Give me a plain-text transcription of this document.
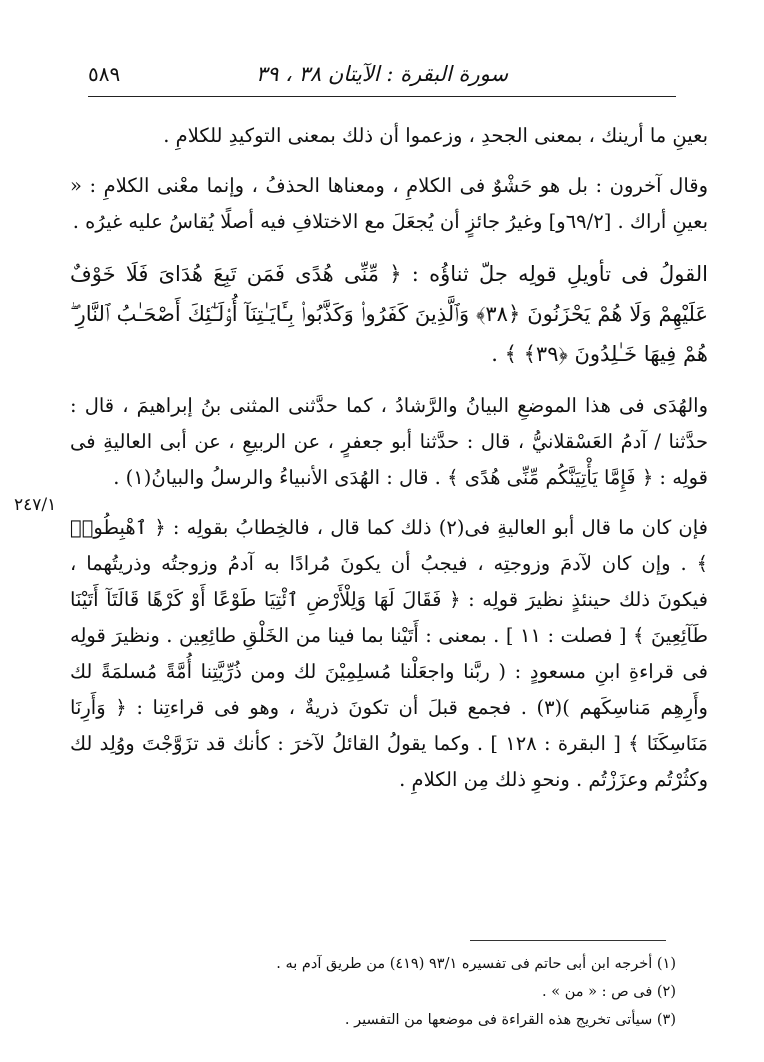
٥٨٩	سورة البقرة : الآيتان ٣٨ ، ٣٩
٢٤٧/١

بعينِ ما أرينك ، بمعنى الجحدِ ، وزعموا أن ذلك بمعنى التوكيدِ للكلامِ .

وقال آخرون : بل هو حَشْوٌ فى الكلامِ ، ومعناها الحذفُ ، وإنما معْنى الكلامِ : « بعينِ أراك . [٦٩/٢و] وغيرُ جائزٍ أن يُجعَلَ مع الاختلافِ فيه أصلًا يُقاسُ عليه غيرُه .

القولُ فى تأويلِ قولِه جلّ ثناؤُه : ﴿ مِّنِّى هُدًى فَمَن تَبِعَ هُدَاىَ فَلَا خَوْفٌ عَلَيْهِمْ وَلَا هُمْ يَحْزَنُونَ ﴿٣٨﴾ وَٱلَّذِينَ كَفَرُوا۟ وَكَذَّبُوا۟ بِـَٔايَـٰتِنَآ أُو۟لَـٰٓئِكَ أَصْحَـٰبُ ٱلنَّارِ ۖ هُمْ فِيهَا خَـٰلِدُونَ ﴿٣٩﴾ ﴾ .

والهُدَى فى هذا الموضعِ البيانُ والرَّشادُ ، كما حدَّثنى المثنى بنُ إبراهيمَ ، قال : حدَّثنا / آدمُ العَسْقلانيُّ ، قال : حدَّثنا أبو جعفرٍ ، عن الربيعِ ، عن أبى العاليةِ فى قولِه : ﴿ فَإِمَّا يَأْتِيَنَّكُم مِّنِّى هُدًى ﴾ . قال : الهُدَى الأنبياءُ والرسلُ والبيانُ(١) .

فإن كان ما قال أبو العاليةِ فى(٢) ذلك كما قال ، فالخِطابُ بقولِه : ﴿ ٱهْبِطُوا۟ ﴾ . وإن كان لآدمَ وزوجتِه ، فيجبُ أن يكونَ مُرادًا به آدمُ وزوجتُه وذريتُهما ، فيكونَ ذلك حينئذٍ نظيرَ قولِه : ﴿ فَقَالَ لَهَا وَلِلْأَرْضِ ٱئْتِيَا طَوْعًا أَوْ كَرْهًا قَالَتَآ أَتَيْنَا طَآئِعِينَ ﴾ [ فصلت : ١١ ] . بمعنى : أَتَيْنا بما فينا من الخَلْقِ طائِعِين . ونظيرَ قولِه فى قراءةِ ابنِ مسعودٍ : ( ربَّنا واجعَلْنا مُسلِمِيْنَ لك ومن ذُرِّيَّتِنا أُمَّةً مُسلمَةً لك وأَرِهِم مَناسِكَهم )(٣) . فجمع قبلَ أن تكونَ ذريةٌ ، وهو فى قراءتِنا : ﴿ وَأَرِنَا مَنَاسِكَنَا ﴾ [ البقرة : ١٢٨ ] . وكما يقولُ القائلُ لآخرَ : كأنك قد تزَوَّجْتَ ووُلِد لك وكثُرْتُم وعزَزْتُم . ونحوِ ذلك مِن الكلامِ .

(١) أخرجه ابن أبى حاتم فى تفسيره ٩٣/١ (٤١٩) من طريق آدم به .
(٢) فى ص : « من » .
(٣) سيأتى تخريج هذه القراءة فى موضعها من التفسير .
